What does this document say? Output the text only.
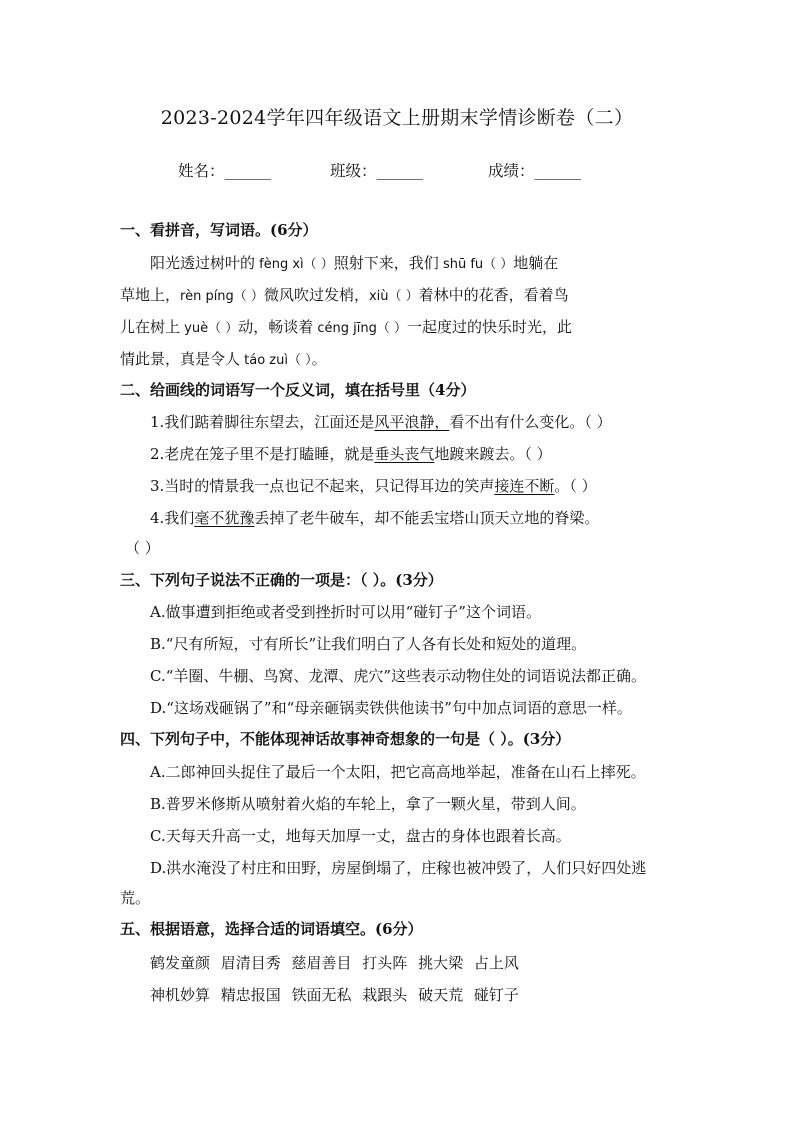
2023-2024学年四年级语文上册期末学情诊断卷（二）
姓名：______	班级：______	成绩：______
一、看拼音，写词语。(6分）
阳光透过树叶的 fèng xì（ ）照射下来，我们 shū fu（ ）地躺在
草地上，rèn píng（ ）微风吹过发梢，xiù（ ）着林中的花香，看着鸟
儿在树上 yuè（ ）动，畅谈着 céng jīng（ ）一起度过的快乐时光，此
情此景，真是令人 táo zuì（ ）。
二、给画线的词语写一个反义词，填在括号里（4分）
1.我们踮着脚往东望去，江面还是风平浪静，看不出有什么变化。（ ）
2.老虎在笼子里不是打瞌睡，就是垂头丧气地踱来踱去。（ ）
3.当时的情景我一点也记不起来，只记得耳边的笑声接连不断。（ ）
4.我们毫不犹豫丢掉了老牛破车，却不能丢宝塔山顶天立地的脊梁。
（ ）
三、下列句子说法不正确的一项是：（ ）。(3分）
A.做事遭到拒绝或者受到挫折时可以用“碰钉子”这个词语。
B.“尺有所短，寸有所长”让我们明白了人各有长处和短处的道理。
C.“羊圈、牛棚、鸟窝、龙潭、虎穴”这些表示动物住处的词语说法都正确。
D.“这场戏砸锅了”和“母亲砸锅卖铁供他读书”句中加点词语的意思一样。
四、下列句子中，不能体现神话故事神奇想象的一句是（ ）。(3分）
A.二郎神回头捉住了最后一个太阳，把它高高地举起，准备在山石上摔死。
B.普罗米修斯从喷射着火焰的车轮上，拿了一颗火星，带到人间。
C.天每天升高一丈，地每天加厚一丈，盘古的身体也跟着长高。
D.洪水淹没了村庄和田野，房屋倒塌了，庄稼也被冲毁了，人们只好四处逃
荒。
五、根据语意，选择合适的词语填空。(6分）
鹤发童颜 眉清目秀 慈眉善目 打头阵 挑大梁 占上风
神机妙算 精忠报国 铁面无私 栽跟头 破天荒 碰钉子
